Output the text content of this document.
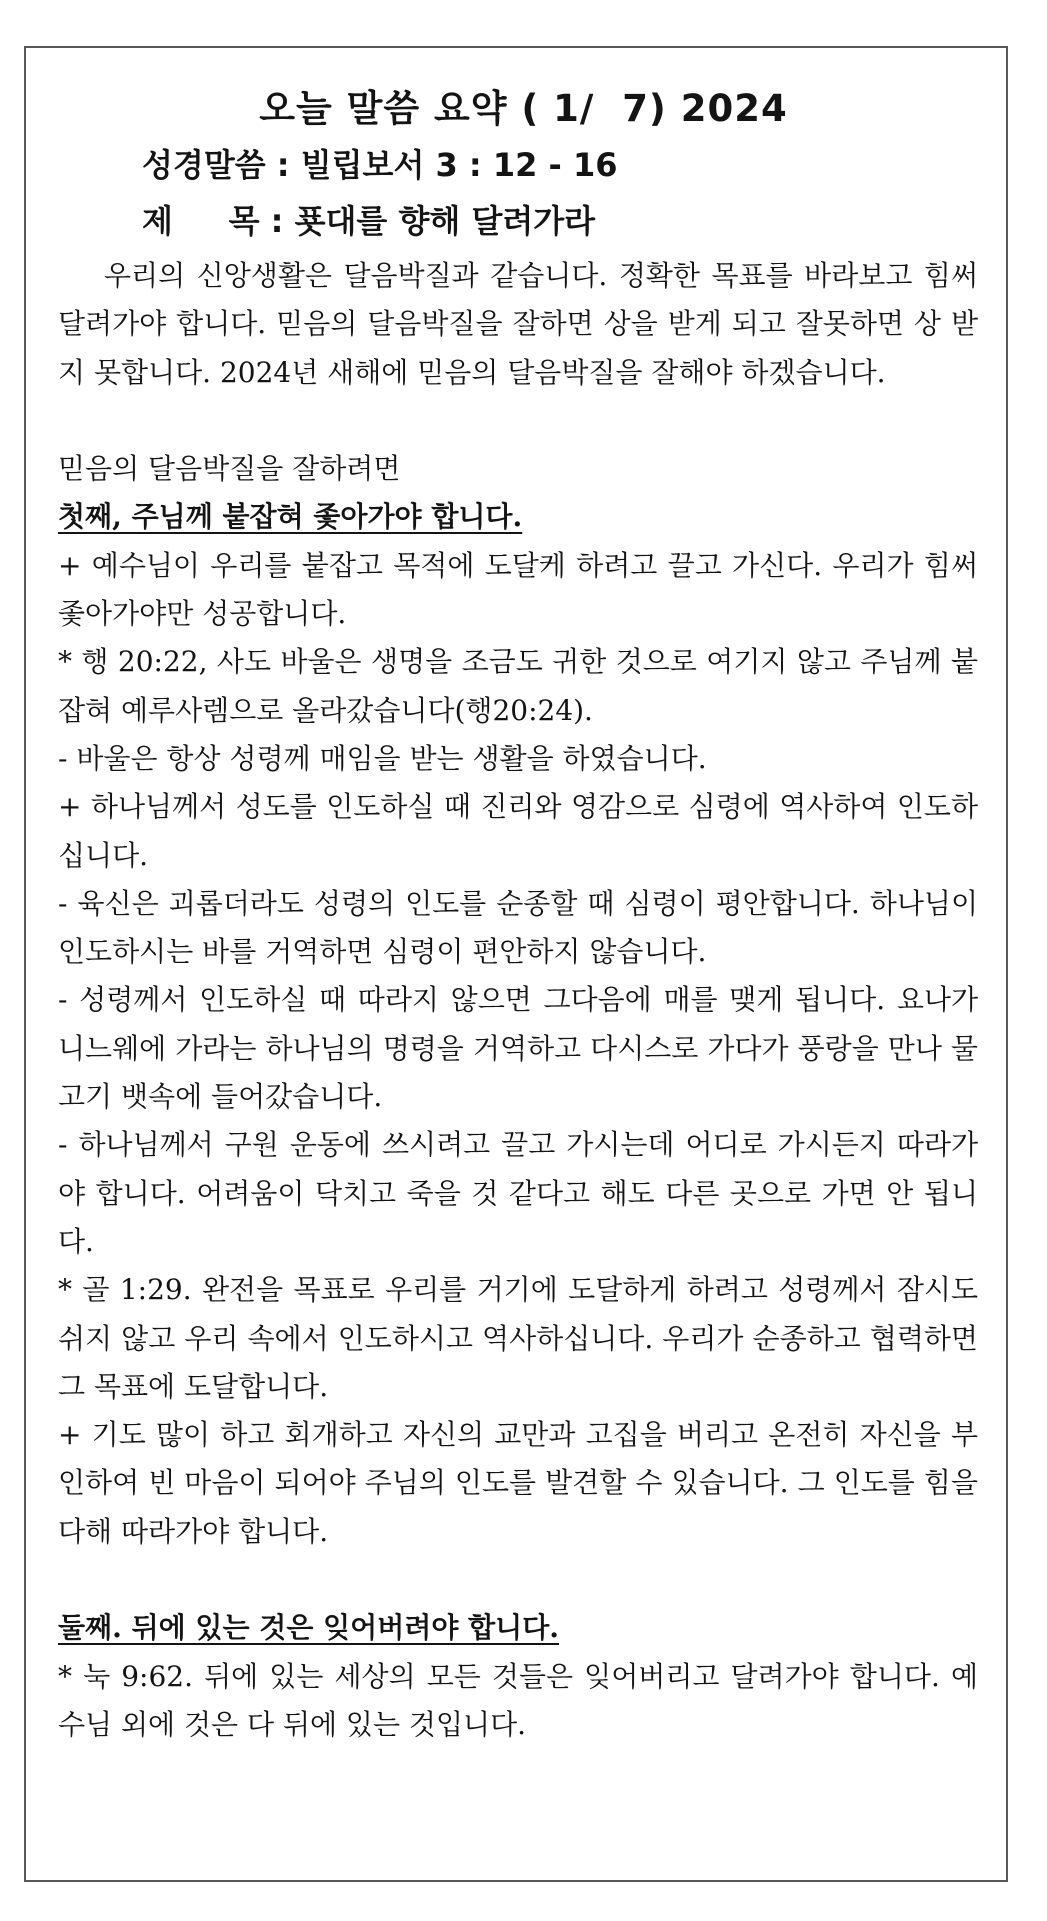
오늘 말씀 요약 ( 1/  7) 2024
성경말씀 : 빌립보서 3 : 12 - 16
제     목 : 푯대를 향해 달려가라

우리의 신앙생활은 달음박질과 같습니다. 정확한 목표를 바라보고 힘써 달려가야 합니다. 믿음의 달음박질을 잘하면 상을 받게 되고 잘못하면 상 받지 못합니다. 2024년 새해에 믿음의 달음박질을 잘해야 하겠습니다.

믿음의 달음박질을 잘하려면

첫째, 주님께 붙잡혀 좇아가야 합니다.

+ 예수님이 우리를 붙잡고 목적에 도달케 하려고 끌고 가신다. 우리가 힘써 좇아가야만 성공합니다.

* 행 20:22, 사도 바울은 생명을 조금도 귀한 것으로 여기지 않고 주님께 붙잡혀 예루사렘으로 올라갔습니다(행20:24).

- 바울은 항상 성령께 매임을 받는 생활을 하였습니다.

+ 하나님께서 성도를 인도하실 때 진리와 영감으로 심령에 역사하여 인도하십니다.

- 육신은 괴롭더라도 성령의 인도를 순종할 때 심령이 평안합니다. 하나님이 인도하시는 바를 거역하면 심령이 편안하지 않습니다.

- 성령께서 인도하실 때 따라지 않으면 그다음에 매를 맺게 됩니다. 요나가 니느웨에 가라는 하나님의 명령을 거역하고 다시스로 가다가 풍랑을 만나 물고기 뱃속에 들어갔습니다.

- 하나님께서 구원 운동에 쓰시려고 끌고 가시는데 어디로 가시든지 따라가야 합니다. 어려움이 닥치고 죽을 것 같다고 해도 다른 곳으로 가면 안 됩니다.

* 골 1:29. 완전을 목표로 우리를 거기에 도달하게 하려고 성령께서 잠시도 쉬지 않고 우리 속에서 인도하시고 역사하십니다. 우리가 순종하고 협력하면 그 목표에 도달합니다.

+ 기도 많이 하고 회개하고 자신의 교만과 고집을 버리고 온전히 자신을 부인하여 빈 마음이 되어야 주님의 인도를 발견할 수 있습니다. 그 인도를 힘을 다해 따라가야 합니다.

둘째. 뒤에 있는 것은 잊어버려야 합니다.

* 눅 9:62. 뒤에 있는 세상의 모든 것들은 잊어버리고 달려가야 합니다. 예수님 외에 것은 다 뒤에 있는 것입니다.
